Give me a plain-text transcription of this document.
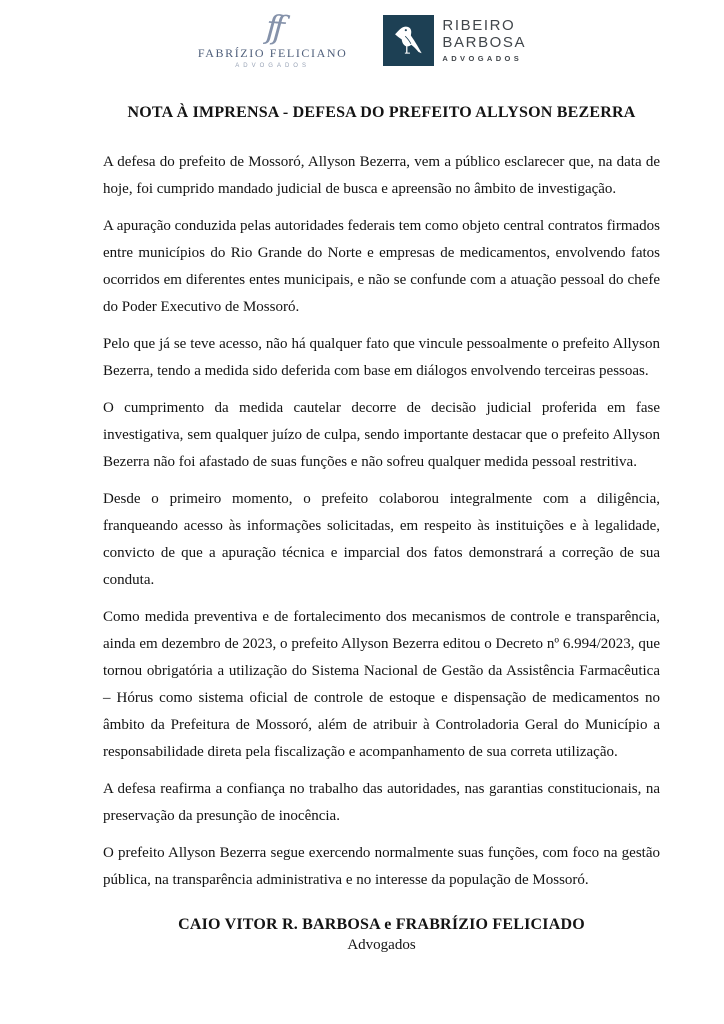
ff
FABRÍZIO FELICIANO
ADVOGADOS
RIBEIRO
BARBOSA
ADVOGADOS
NOTA À IMPRENSA - DEFESA DO PREFEITO ALLYSON BEZERRA

A defesa do prefeito de Mossoró, Allyson Bezerra, vem a público esclarecer que, na data de hoje, foi cumprido mandado judicial de busca e apreensão no âmbito de investigação.

A apuração conduzida pelas autoridades federais tem como objeto central contratos firmados entre municípios do Rio Grande do Norte e empresas de medicamentos, envolvendo fatos ocorridos em diferentes entes municipais, e não se confunde com a atuação pessoal do chefe do Poder Executivo de Mossoró.

Pelo que já se teve acesso, não há qualquer fato que vincule pessoalmente o prefeito Allyson Bezerra, tendo a medida sido deferida com base em diálogos envolvendo terceiras pessoas.

O cumprimento da medida cautelar decorre de decisão judicial proferida em fase investigativa, sem qualquer juízo de culpa, sendo importante destacar que o prefeito Allyson Bezerra não foi afastado de suas funções e não sofreu qualquer medida pessoal restritiva.

Desde o primeiro momento, o prefeito colaborou integralmente com a diligência, franqueando acesso às informações solicitadas, em respeito às instituições e à legalidade, convicto de que a apuração técnica e imparcial dos fatos demonstrará a correção de sua conduta.

Como medida preventiva e de fortalecimento dos mecanismos de controle e transparência, ainda em dezembro de 2023, o prefeito Allyson Bezerra editou o Decreto nº 6.994/2023, que tornou obrigatória a utilização do Sistema Nacional de Gestão da Assistência Farmacêutica – Hórus como sistema oficial de controle de estoque e dispensação de medicamentos no âmbito da Prefeitura de Mossoró, além de atribuir à Controladoria Geral do Município a responsabilidade direta pela fiscalização e acompanhamento de sua correta utilização.

A defesa reafirma a confiança no trabalho das autoridades, nas garantias constitucionais, na preservação da presunção de inocência.

O prefeito Allyson Bezerra segue exercendo normalmente suas funções, com foco na gestão pública, na transparência administrativa e no interesse da população de Mossoró.

CAIO VITOR R. BARBOSA e FRABRÍZIO FELICIADO
Advogados
